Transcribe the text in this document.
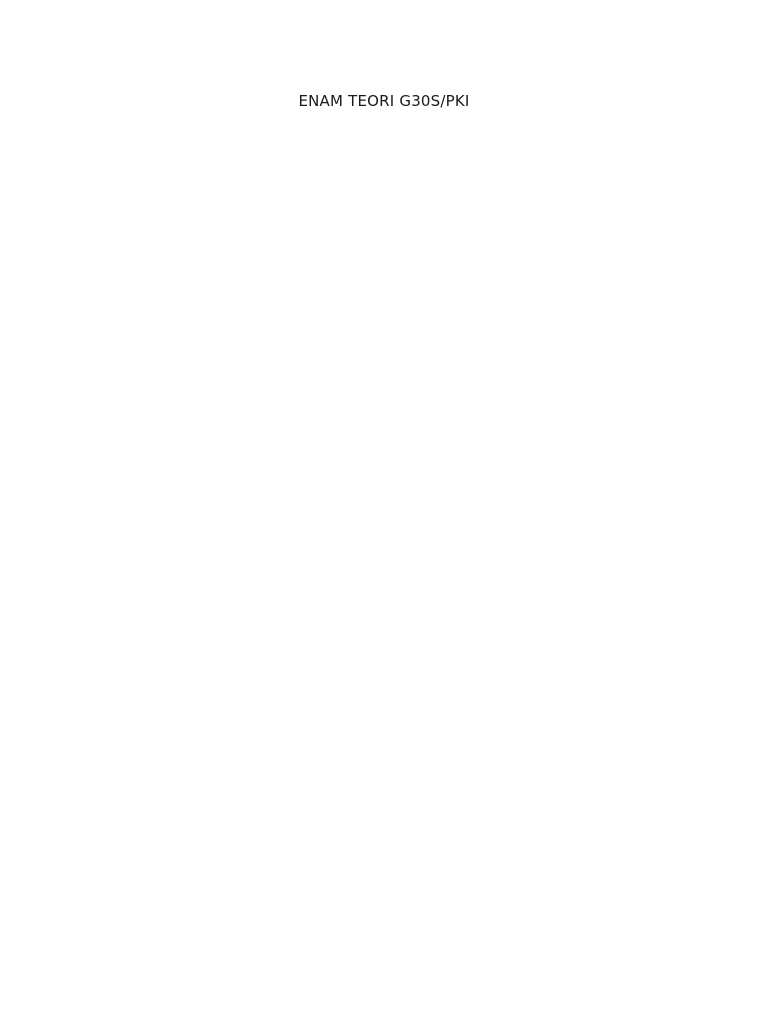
ENAM TEORI G30S/PKI
